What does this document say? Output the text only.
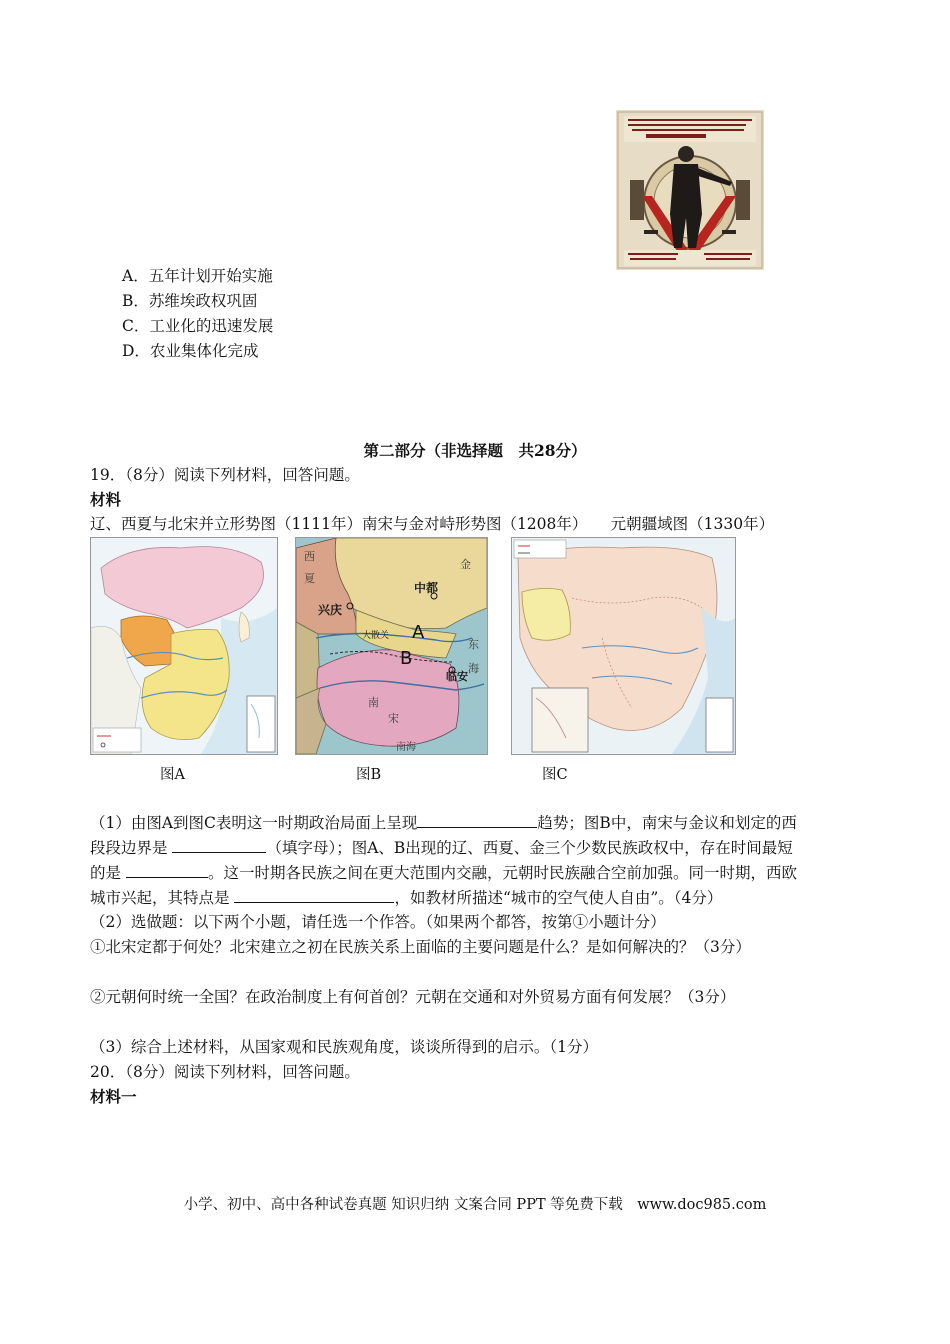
A．五年计划开始实施
B．苏维埃政权巩固
C．工业化的迅速发展
D．农业集体化完成
第二部分（非选择题　共28分）
19．（8分）阅读下列材料，回答问题。
材料
辽、西夏与北宋并立形势图（1111年）南宋与金对峙形势图（1208年）　　元朝疆域图（1330年）
西
夏
兴庆
中都
金
大散关 A
B
临安
东
海
南
宋
南海
图A	图B	图C
（1）由图A到图C表明这一时期政治局面上呈现	趋势；图B中，南宋与金议和划定的西
段段边界是	（填字母）；图A、B出现的辽、西夏、金三个少数民族政权中，存在时间最短
的是	。这一时期各民族之间在更大范围内交融，元朝时民族融合空前加强。同一时期，西欧
城市兴起，其特点是	，如教材所描述“城市的空气使人自由”。（4分）
（2）选做题：以下两个小题，请任选一个作答。（如果两个都答，按第①小题计分）
①北宋定都于何处？北宋建立之初在民族关系上面临的主要问题是什么？是如何解决的？（3分）
②元朝何时统一全国？在政治制度上有何首创？元朝在交通和对外贸易方面有何发展？（3分）
（3）综合上述材料，从国家观和民族观角度，谈谈所得到的启示。（1分）
20．（8分）阅读下列材料，回答问题。
材料一
小学、初中、高中各种试卷真题 知识归纳 文案合同 PPT 等免费下载　www.doc985.com
